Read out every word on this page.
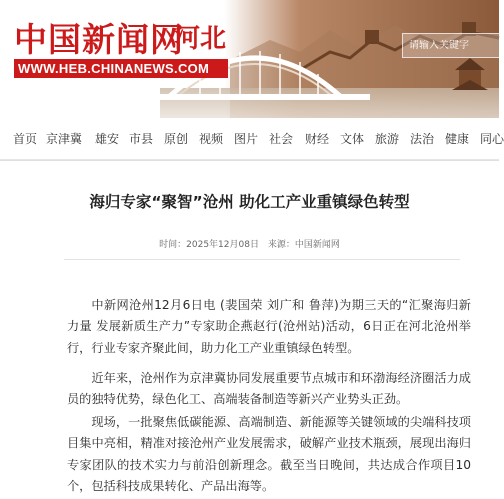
中国新闻网
河北
WWW.HEB.CHINANEWS.COM
请输入关键字
首页 京津冀 雄安 市县 原创 视频 图片 社会 财经 文体 旅游 法治 健康 同心
海归专家“聚智”沧州 助化工产业重镇绿色转型
时间：2025年12月08日 来源：中国新闻网

中新网沧州12月6日电 (裴国荣 刘广和 鲁萍)为期三天的“汇聚海归新力量 发展新质生产力”专家助企燕赵行(沧州站)活动，6日正在河北沧州举行，行业专家齐聚此间，助力化工产业重镇绿色转型。

近年来，沧州作为京津冀协同发展重要节点城市和环渤海经济圈活力成员的独特优势，绿色化工、高端装备制造等新兴产业势头正劲。

现场，一批聚焦低碳能源、高端制造、新能源等关键领域的尖端科技项目集中亮相，精准对接沧州产业发展需求，破解产业技术瓶颈，展现出海归专家团队的技术实力与前沿创新理念。截至当日晚间，共达成合作项目10个，包括科技成果转化、产品出海等。
